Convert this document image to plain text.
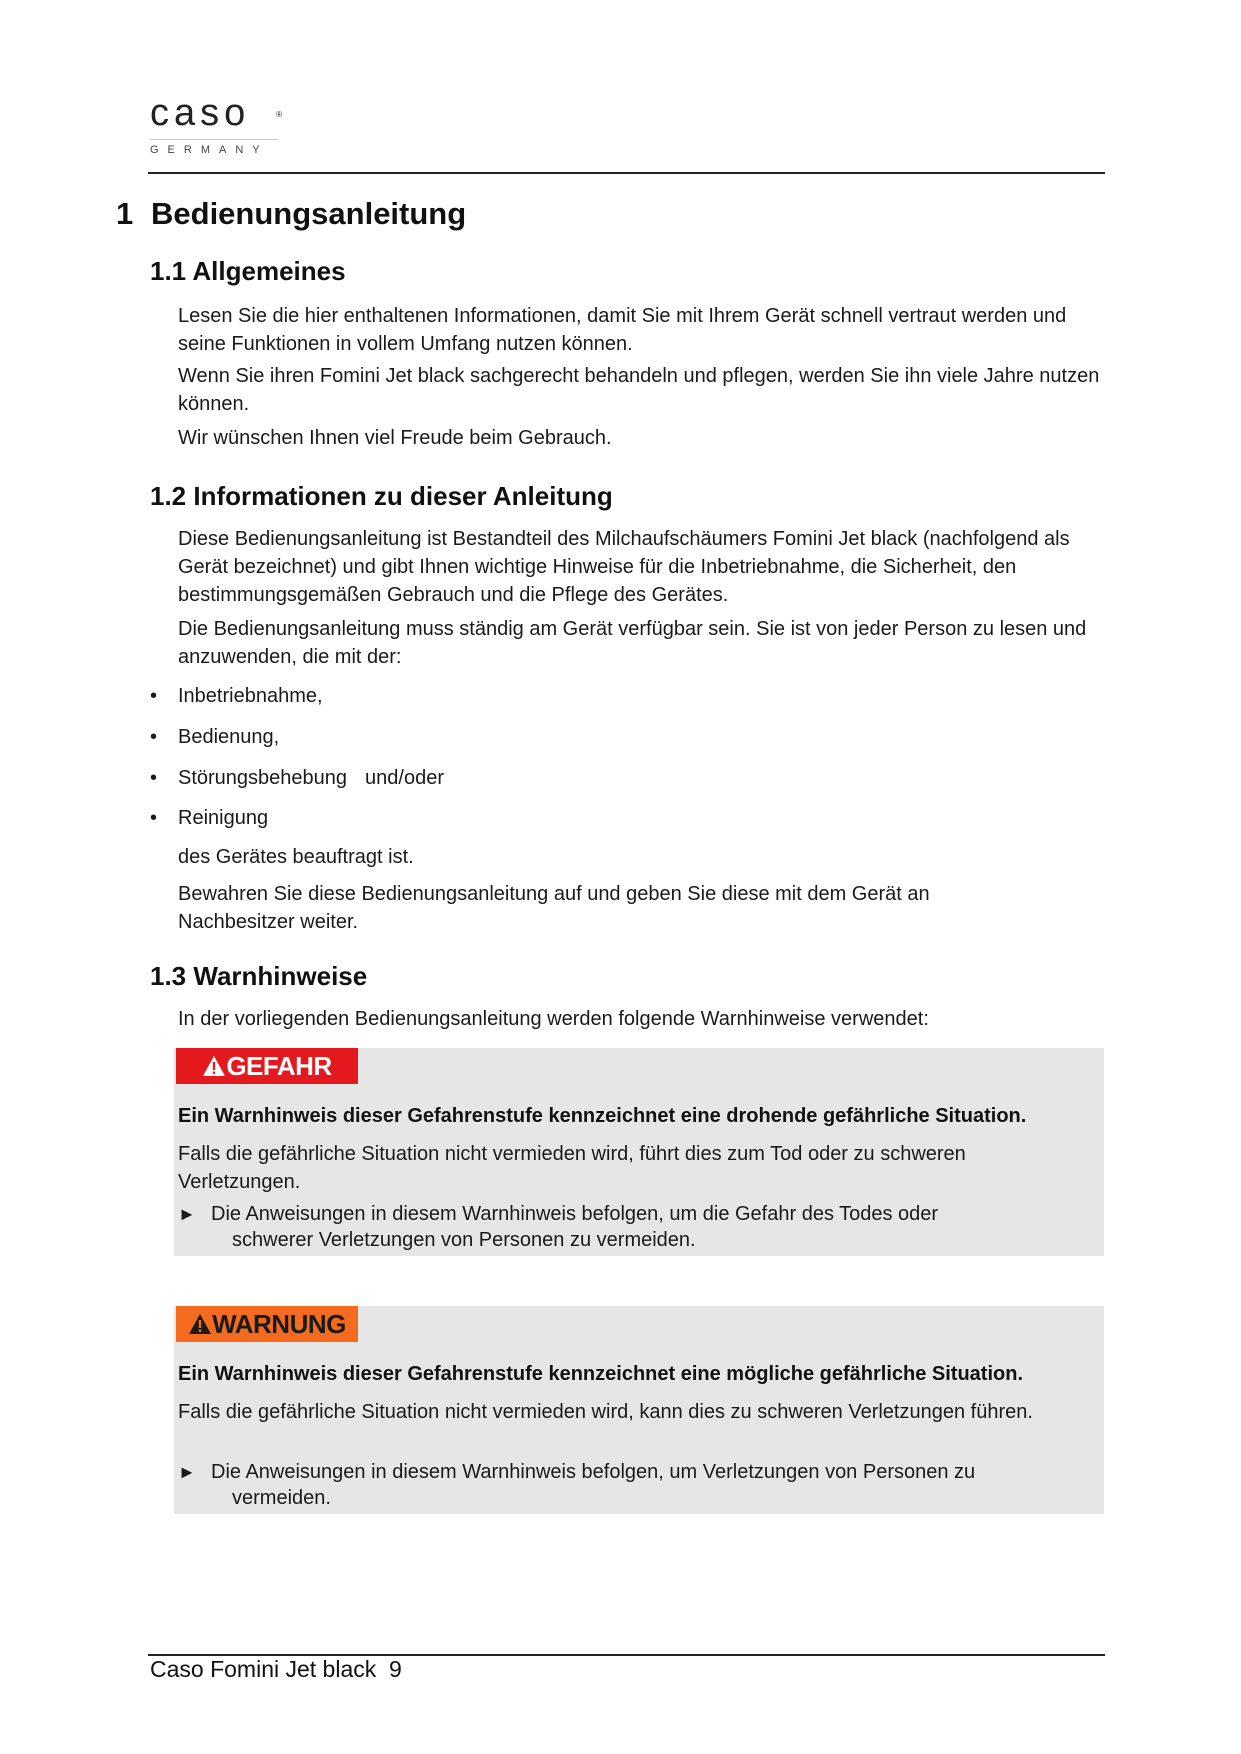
caso	®
GERMANY
1 Bedienungsanleitung
1.1 Allgemeines

Lesen Sie die hier enthaltenen Informationen, damit Sie mit Ihrem Gerät schnell vertraut werden und seine Funktionen in vollem Umfang nutzen können.

Wenn Sie ihren Fomini Jet black sachgerecht behandeln und pflegen, werden Sie ihn viele Jahre nutzen können.

Wir wünschen Ihnen viel Freude beim Gebrauch.

1.2 Informationen zu dieser Anleitung

Diese Bedienungsanleitung ist Bestandteil des Milchaufschäumers Fomini Jet black (nachfolgend als Gerät bezeichnet) und gibt Ihnen wichtige Hinweise für die Inbetriebnahme, die Sicherheit, den bestimmungsgemäßen Gebrauch und die Pflege des Gerätes.

Die Bedienungsanleitung muss ständig am Gerät verfügbar sein. Sie ist von jeder Person zu lesen und anzuwenden, die mit der:

• Inbetriebnahme,
• Bedienung,
• Störungsbehebung und/oder
• Reinigung

des Gerätes beauftragt ist.

Bewahren Sie diese Bedienungsanleitung auf und geben Sie diese mit dem Gerät an Nachbesitzer weiter.

1.3 Warnhinweise

In der vorliegenden Bedienungsanleitung werden folgende Warnhinweise verwendet:

GEFAHR
Ein Warnhinweis dieser Gefahrenstufe kennzeichnet eine drohende gefährliche Situation.
Falls die gefährliche Situation nicht vermieden wird, führt dies zum Tod oder zu schweren Verletzungen.
► Die Anweisungen in diesem Warnhinweis befolgen, um die Gefahr des Todes oder
schwerer Verletzungen von Personen zu vermeiden.
WARNUNG
Ein Warnhinweis dieser Gefahrenstufe kennzeichnet eine mögliche gefährliche Situation.
Falls die gefährliche Situation nicht vermieden wird, kann dies zu schweren Verletzungen führen.
► Die Anweisungen in diesem Warnhinweis befolgen, um Verletzungen von Personen zu
vermeiden.
Caso Fomini Jet black  9
